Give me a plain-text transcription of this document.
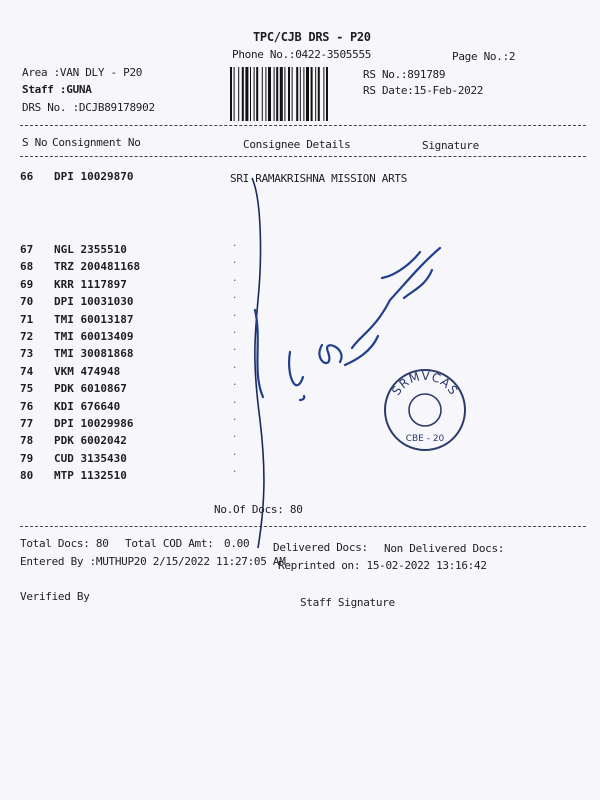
TPC/CJB DRS - P20
Phone No.:0422-3505555	Page No.:2
Area :VAN DLY - P20
Staff :GUNA
DRS No. :DCJB89178902
RS No.:891789
RS Date:15-Feb-2022
S No Consignment No	Consignee Details	Signature
66 DPI 10029870	SRI RAMAKRISHNA MISSION ARTS
67 NGL 2355510	.
68 TRZ 200481168	.
69 KRR 1117897	.
70 DPI 10031030	.
71 TMI 60013187	.
72 TMI 60013409	.
73 TMI 30081868	.
74 VKM 474948	.
75 PDK 6010867	.
76 KDI 676640	.
77 DPI 10029986	.
78 PDK 6002042	.
79 CUD 3135430	.
80 MTP 1132510	.
No.Of Docs: 80
Total Docs: 80 Total COD Amt: 0.00 Delivered Docs: Non Delivered Docs:
Entered By :MUTHUP20 2/15/2022 11:27:05 AM
Reprinted on: 15-02-2022 13:16:42
Verified By	Staff Signature
SRMVCAS
CBE - 20
